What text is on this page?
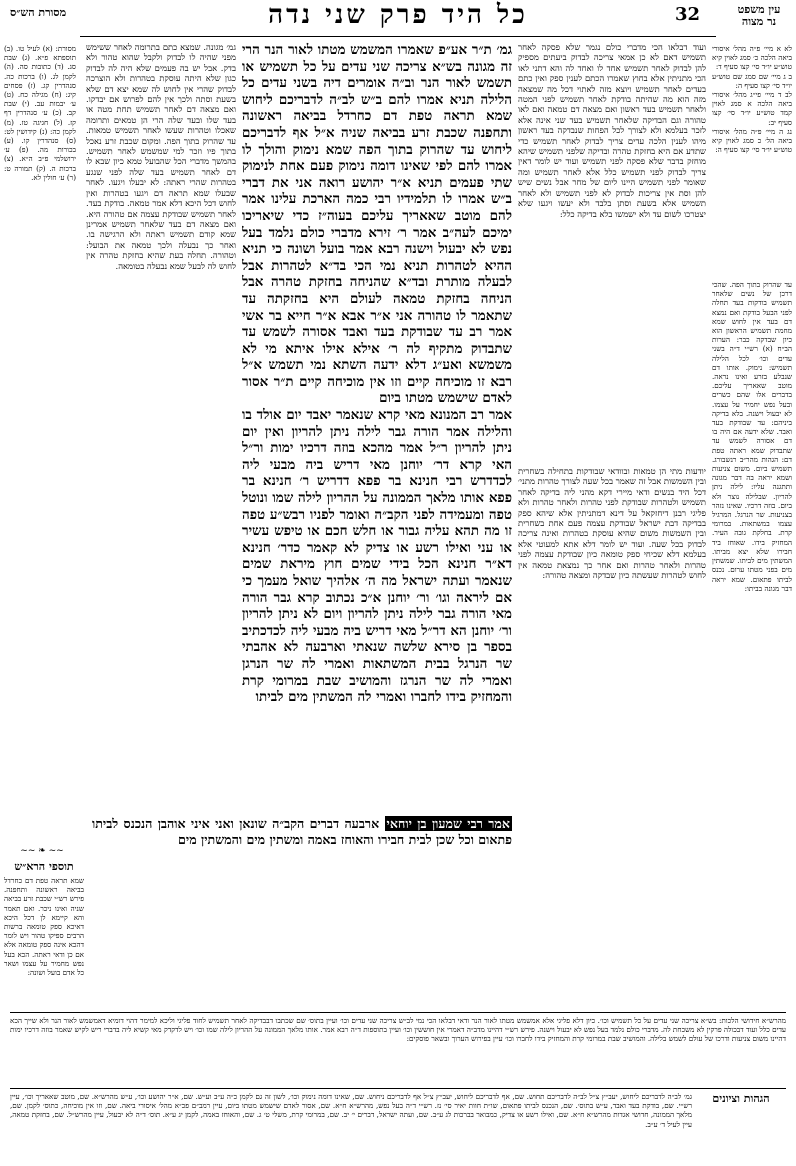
עין משפט
נר מצוה
32
כל היד פרק שני נדה
מסורת הש״ס

לא א מיי׳ פ״ה מהל׳ איסורי ביאה הלכה כ׳ סמג לאוין קיא טוש״ע יו״ד סי׳ קצו סעיף ד:

ב ג מיי׳ שם סמג שם טוש״ע יו״ד סי׳ קצו סעיף ה:

לב ד מיי׳ פי״ג מהל׳ איסורי ביאה הלכה א סמג לאוין קמד טוש״ע יו״ד סי׳ קצו סעיף יב:

נג ה מיי׳ פ״ה מהל׳ איסורי ביאה הל׳ כ סמג לאוין קיא טוש״ע יו״ד סי׳ קצו סעיף ה:

עד שהרוק בתוך הפה. שהכי דרכן של נשים שלאחר תשמיש בודקות בעד תחלה לפני הבעל בודקת ואם נמצא דם בעד אין לחוש שמא מחמת תשמיש הראשון הוא כיון שבדקה כבר: הערות הב״ח (א) רש״י ד״ה בשני עדים וכו׳ לכל הלילה תשמיש: נימוק. אותו דם שנבלע בזרע ואינו נראה. מוטב שאאריך עליכם. בדברים אלו שהם כשרים ובעל נפש יחמיר על עצמו. לא יבעול וישנה. בלא בדיקה ביניהם: עד שבודקת בעד ואבד. שלא ידעה אם היה בו דם אסורה לשמש עד שתבדוק שמא ראתה טפת דם: הגהות מהר״ב רנשבורג. תשמיש ביום. משום צניעות ושמא יראה בה דבר מגונה ותתגנה עליו: לילה ניתן להריון. שבלילה נוצר ולא ביום. בוזה דרכיו. שאינו נזהר בצניעות. שר הנרגל. המרגיל עצמו במשתאות. במרומי קרת. בחלקת גובה העיר. המחזיק בידו. שאוחז ביד חבירו שלא יצא מביתו. המשתין מים לביתו. שמשתין מים בפני מטתו ערום. נכנס לביתו פתאום. שמא יראה דבר מגונה בביתו:
ועוד דבלאו הכי מדברי כולם נגמר שלא פסקה לאחר תשמיש דאם לא כן אמאי צריכה לבדוק ביעתים מספיק להן לבדוק לאחר תשמיש אחד לו ואחד לה והא דתני לאו הכי מתניתין אלא בחוץ שאמרו הכתם לענין ספק ואין כתם בעדים לאחר תשמיש ויוצא מזה לאתוי דכל מה שמצאה מזה הוא מה שהיתה בודקת לאחר תשמיש לפני המטה ולאחר תשמיש בעד ראשון ואם מצאה דם טמאה ואם לאו טהורה וגם הבדיקה שלאחר תשמיש בעד שני אינה אלא לזכר בעלמא ולא לצורך לכל הפחות שנבדקה בעד ראשון מיהו לענין הלכה עדים צריך לבדוק לאחר תשמיש כדי שתדע אם היא בחזקת טהרה ובדיקה שלפני תשמיש שיהא מוחזק בדבר שלא פסקה לפני תשמיש ועוד יש לומר דאין צריך לבדוק לפני תשמיש כלל אלא לאחר תשמיש ומה שאומר לפני תשמיש היינו ליום של מחר אבל נשים שיש להן וסת אין צריכות לבדוק לא לפני תשמיש ולא לאחר תשמיש אלא בשעת וסתן בלבד ולא יעשו ויגעו שלא יצטרכו לשום עד ולא ישמשו בלא בדיקה כלל:
יודעות מתי הן טמאות ובוודאי שבודקות בתחילה בשחרית ובין השמשות אבל זה שאמר בכל שעה לצורך טהרות מתני׳ דכל היד בנשים ודאי מיירי דקא מהני ליה בדיקה לאחר תשמיש ולטהרות שבודקת לפני טהרות ולאחר טהרות ולא פליגי רבנן דיחזקאל על דינא דמתניתין אלא שיהא ספק בבדיקה דבת ישראל שבודקת עצמה פעם אחת בשחרית ובין השמשות משום שהיא עוסקת בטהרות ואינה צריכה לבדוק בכל שעה. ועוד יש לומר דלא אתא למעוטי אלא בעלמא דלא שכיחי ספק טומאה כיון שבודקת עצמה לפני טהרות ולאחר טהרות ואם אחר כך נמצאת טמאה אין לחוש לטהרות שעשתה כיון שבדקה ומצאה טהורה:
גמ׳ מגונה. שמצא כתם בתרומה לאחר ששימש מפני שהיה לו לבדוק ולקבל שהוא טהור ולא בדק. אבל יש בה פעמים שלא היה לה לבדוק כגון שלא היתה עוסקת בטהרות ולא הוצרכה לבדוק שהרי אין לחוש לה שמא יצא דם שלא בשעת וסתה ולכך אין להם לפרוש אם יבדקו. ואם מצאה דם לאחר תשמיש תחת מטה או בעד שלו ובעד שלה הרי הן טמאים ותרומה שאכלו וטהרות שעשו לאחר תשמיש טמאות. עד שהרוק בתוך הפה. ומקום שכבת זרע נאכל בתוך פיו וזכר למי שמשמש לאחר תשמיש. בהמשך מדברי הכל שהבועל טמא כיון שבא לו דם לאחר תשמיש בעד שלה לפני שנגע בטהרות שהרי ראתה: לא יבעלו ויגעו. לאחר שבעלו שמא תראה דם ויגעו בטהרות ואין לחוש דכל היכא דלא אמר טמאה. בודקת בעד. לאחר תשמיש שבודקת עצמה אם טהורה היא. ואם מצאה דם בעד שלאחר תשמיש אמרינן שמא קודם תשמיש ראתה ולא הרגישה בו. ואחר כך נבעלה ולכך טמאה את הבועל: וטהורה. תחלה בעת שהיא בחזקת טהרה אין לחוש לה לבעל שמא נבעלה בטומאה.

גמ׳ ת״ר אע״פ שאמרו המשמש מטתו לאור הנר הרי זה מגונה בש״א צריכה שני עדים על כל תשמיש או תשמש לאור הנר וב״ה אומרים דיה בשני עדים כל הלילה תניא אמרו להם ב״ש לב״ה לדבריכם ליחוש שמא תראה טפת דם כחרדל בביאה ראשונה ותחפנה שכבת זרע בביאה שניה א״ל אף לדבריכם ליחוש עד שהרוק בתוך הפה שמא נימוק והולך לו אמרו להם לפי שאינו דומה נימוק פעם אחת לנימוק שתי פעמים תניא א״ר יהושע רואה אני את דברי ב״ש אמרו לו תלמידיו רבי כמה הארכת עלינו אמר להם מוטב שאאריך עליכם בעוה״ז כדי שיאריכו ימיכם לעה״ב אמר ר׳ זירא מדברי כולם נלמד בעל נפש לא יבעול וישנה רבא אמר בועל ושונה כי תניא ההיא לטהרות תניא נמי הכי בד״א לטהרות אבל לבעלה מותרת ובד״א שהניחה בחזקת טהרה אבל הניחה בחזקת טמאה לעולם היא בחזקתה עד שתאמר לו טהורה אני א״ר אבא א״ר חייא בר אשי אמר רב עד שבודקת בעד ואבד אסורה לשמש עד שתבדוק מתקיף לה ר׳ אילא אילו איתא מי לא משמשא ואע״ג דלא ידעה השתא נמי תשמש א״ל רבא זו מוכיחה קיים וזו אין מוכיחה קיים ת״ר אסור לאדם שישמש מטתו ביום

אמר רב המנונא מאי קרא שנאמר יאבד יום אולד בו והלילה אמר הורה גבר לילה ניתן להריון ואין יום ניתן להריון ר״ל אמר מהכא בוזה דרכיו ימות ור״ל האי קרא דר׳ יוחנן מאי דריש ביה מבעי ליה לכדדרש רבי חנינא בר פפא דדריש ר׳ חנינא בר פפא אותו מלאך הממונה על ההריון לילה שמו ונוטל טפה ומעמידה לפני הקב״ה ואומר לפניו רבש״ע טפה זו מה תהא עליה גבור או חלש חכם או טיפש עשיר או עני ואילו רשע או צדיק לא קאמר כדר׳ חנינא דא״ר חנינא הכל בידי שמים חוץ מיראת שמים שנאמר ועתה ישראל מה ה׳ אלהיך שואל מעמך כי אם ליראה וגו׳ ור׳ יוחנן א״כ נכתוב קרא גבר הורה מאי הורה גבר לילה ניתן להריון ויום לא ניתן להריון ור׳ יוחנן הא דר״ל מאי דריש ביה מבעי ליה לכדכתיב בספר בן סירא שלשה שנאתי וארבעה לא אהבתי שר הנרגל בבית המשתאות ואמרי לה שר הנרגן ואמרי לה שר הנרגז והמושיב שבת במרומי קרת והמחזיק בידו לחברו ואמרי לה המשתין מים לביתו

אמר רבי שמעון בן יוחאי ארבעה דברים הקב״ה שונאן ואני איני אוהבן הנכנס לביתו פתאום וכל שכן לבית חבירו והאוחז באמה ומשתין מים והמשתין מים
מסורת: (א) לעיל טו. (ב) תוספתא פ״א. (ג) שבת סג. (ד) כתובות סה. (ה) לקמן לג. (ו) ברכות כה. סנהדרין קג. (ז) פסחים קיג: (ח) מגילה כח. (ט) ע׳ יבמות עב. (י) שבת קב. (כ) ע׳ סנהדרין דף קז. (ל) חגיגה טז. (מ) לקמן כה: (נ) קידושין לט: (ס) סנהדרין קו. (ע) בכורות מה. (פ) ע׳ ירושלמי פ״ב ה״א. (צ) ברכות ה. (ק) תמורה ט: (ר) ע׳ חולין לא.
~~ ❧ ~~
תוספי הרא״ש
שמא תראה טפת דם כחרדל בביאה ראשונה ותחפנה. פירש רש״י שכבת זרע בביאה שניה ואינו ניכר. ואם תאמר והא קיימא לן דכל היכא דאיכא ספק טומאה ברשות הרבים ספיקו טהור ויש לומר דהכא אינה ספק טומאה אלא אם כן ודאי ראתה. הכא בעל נפש מחמיר על עצמו ושאר כל אדם בועל ושונה:
מהרש״א חידושי הלכות: בש״א צריכה שני עדים על כל תשמיש וכו׳. כיון דלא פליגי אלא אמשמש מטתו לאור הנר ודאי דבלאו הכי נמי לב״ש צריכה שני עדים וכו׳ ועיין בתוס׳ שם שכתבו דבבדיקה לאחר תשמיש לחוד פליגי וליכא למימר דהוי דומיא דאמשמש לאור הנר ולא שייך הכא עדים כלל ועוד דבכולה פרקין לא משכחת לה. מדברי כולם נלמד בעל נפש לא יבעול וישנה. פירש רש״י דהיינו מדב״ה דאמרי אין חוששין וכו׳ ועיין בתוספות ד״ה רבא אמר. אותו מלאך הממונה על ההריון לילה שמו וכו׳ ויש לדקדק מאי קשיא ליה בדברי ריש לקיש שאמר בוזה דרכיו ימות דהיינו משום צניעות ודרכו של עולם לשמש בלילה. והמושיב שבת במרומי קרת והמחזיק בידו לחברו וכו׳ עיין בפירוש הערוך ובשאר פוסקים:
הגהות וציונים
גמ׳ לב״ה לדבריכם ליחוש, יעב״ץ צ״ל לב״ה לדבריכם תחוש. שם, אף לדבריכם ליחוש, יעב״ץ צ״ל אף לדבריכם ניחוש. שם, שאינו דומה נימוק וכו׳, לשון זה גם לקמן כ״ה ע״ב וע״ש. שם, א״ר יהושע וכו׳, ע״ש מהרש״א. שם, מוטב שאאריך וכו׳, עיין רש״י. שם, בודקת בעד ואבד, ע״ש בתוס׳. שם, הנכנס לביתו פתאום, שו״ת חוות יאיר סי׳ נז. רש״י ד״ה בעל נפש, מהרש״א ח״א. שם, אסור לאדם שישמש מטתו ביום, עיין רמב״ם פכ״א מהל׳ איסורי ביאה. שם, וזו אין מוכיחה, כתוס׳ לקמן. שם, מלאך הממונה, חדושי אגדות מהרש״א ח״א. שם, ואילו רשע או צדיק, כמבואר בברכות לג ע״ב. שם, ועתה ישראל, דברים י׳ יב. שם, במרומי קרת, משלי ט׳ ג. שם, והאוחז באמה, לקמן יג ע״א. תוס׳ ד״ה לא יבעול, עיין מהרש״ל. שם, בחזקת טמאה, עיין לעיל ד׳ ע״ב.
